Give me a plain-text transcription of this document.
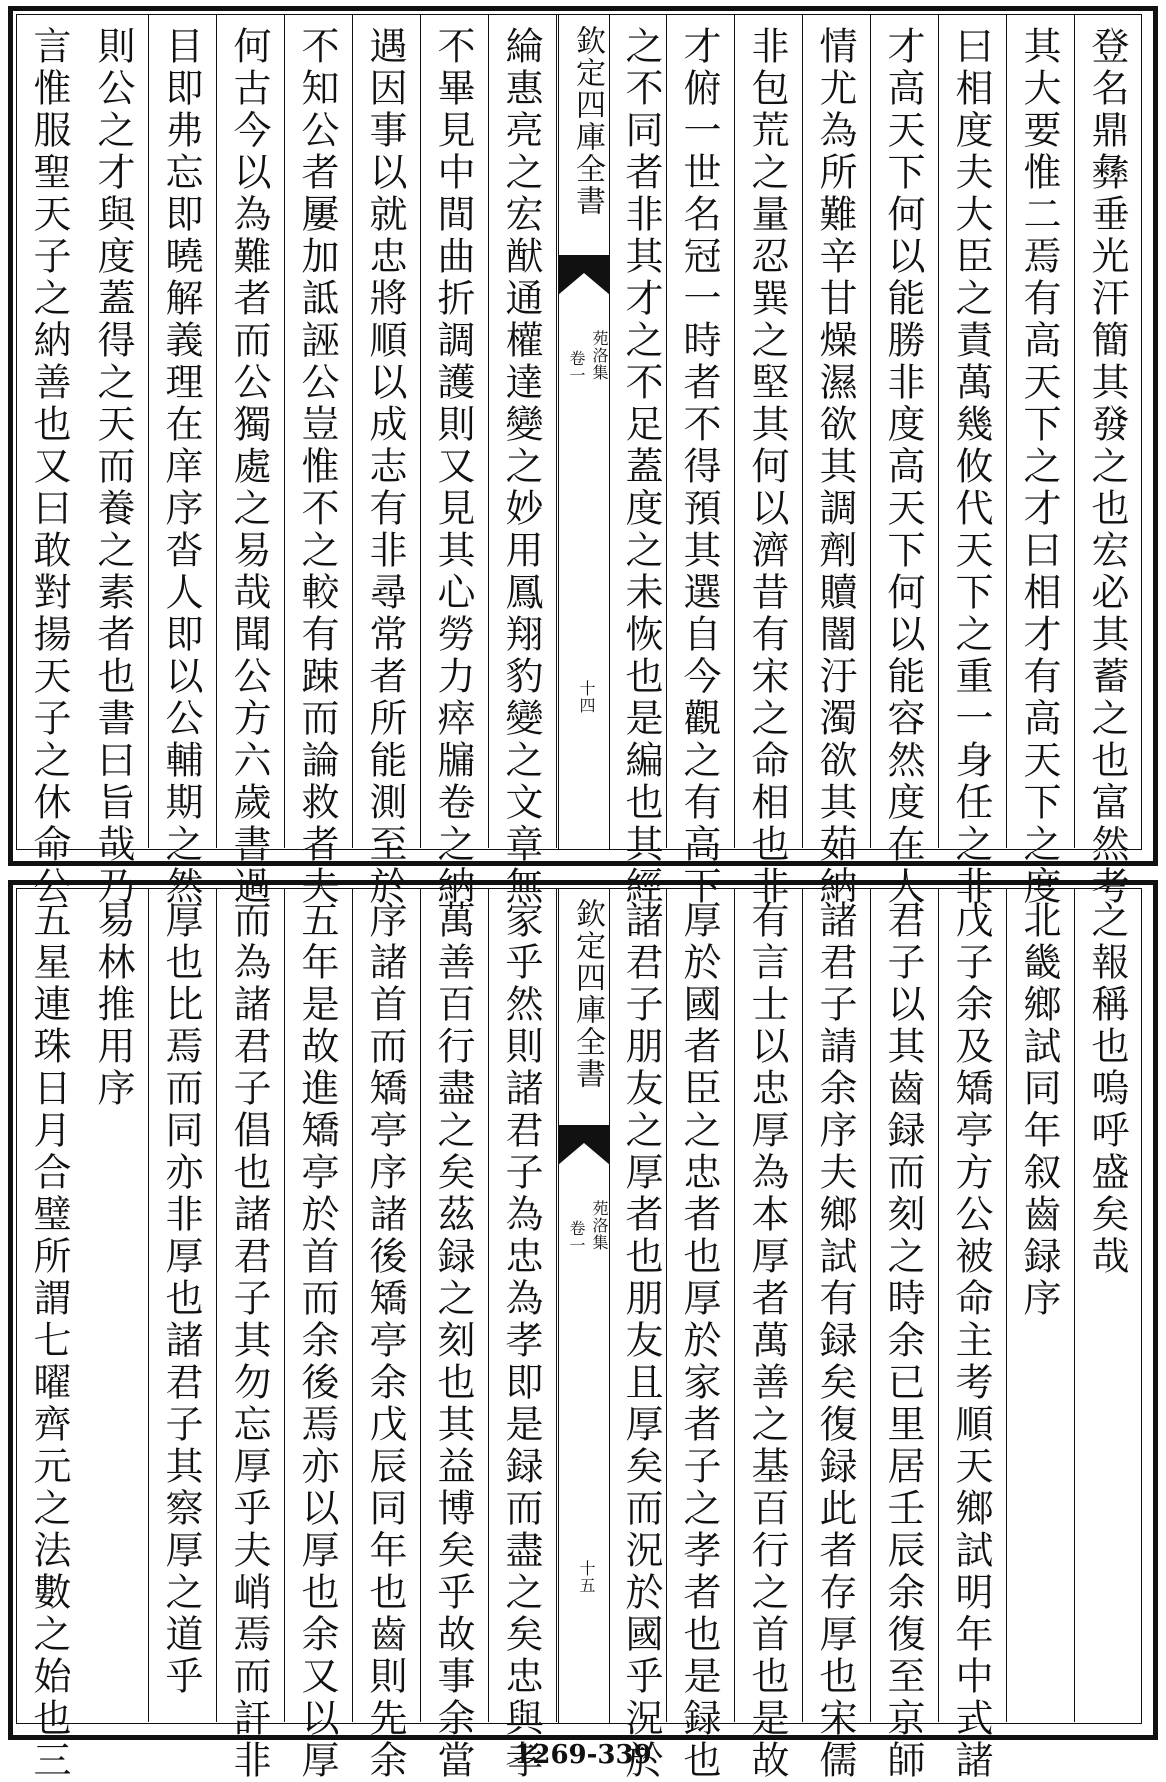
登名鼎彝垂光汗簡其發之也宏必其蓄之也富然考
其大要惟二焉有高天下之才曰相才有高天下之度
曰相度夫大臣之責萬幾攸代天下之重一身任之非
才高天下何以能勝非度高天下何以能容然度在人
情尤為所難辛甘燥濕欲其調劑贖闇汙濁欲其茹納
非包荒之量忍巽之堅其何以濟昔有宋之命相也非
才俯一世名冠一時者不得預其選自今觀之有高下
之不同者非其才之不足蓋度之未恢也是編也其經
綸惠亮之宏猷通權達變之妙用鳳翔豹變之文章無
不畢見中間曲折調護則又見其心勞力瘁牖卷之納
遇因事以就忠將順以成志有非尋常者所能測至於
不知公者屢加詆誣公豈惟不之較有踈而論救者夫
何古今以為難者而公獨處之易哉聞公方六歲書過
目即弗忘即曉解義理在庠序沓人即以公輔期之然
則公之才與度蓋得之天而養之素者也書曰旨哉乃
言惟服聖天子之納善也又曰敢對揚天子之休命公	欽定四庫全書
苑洛集
卷一
十四
之報稱也嗚呼盛矣哉
北畿鄉試同年叙齒録序
戊子余及矯亭方公被命主考順天鄉試明年中式諸
君子以其齒録而刻之時余已里居壬辰余復至京師
諸君子請余序夫鄉試有録矣復録此者存厚也宋儒
有言士以忠厚為本厚者萬善之基百行之首也是故
厚於國者臣之忠者也厚於家者子之孝者也是録也
諸君子朋友之厚者也朋友且厚矣而況於國乎況於
家乎然則諸君子為忠為孝即是録而盡之矣忠與孝
萬善百行盡之矣茲録之刻也其益博矣乎故事余當
序諸首而矯亭序諸後矯亭余戊辰同年也齒則先余
五年是故進矯亭於首而余後焉亦以厚也余又以厚
而為諸君子倡也諸君子其勿忘厚乎夫峭焉而訐非
厚也比焉而同亦非厚也諸君子其察厚之道乎
易林推用序
五星連珠日月合璧所謂七曜齊元之法數之始也三	欽定四庫全書
苑洛集
卷一
十五
1269-339
